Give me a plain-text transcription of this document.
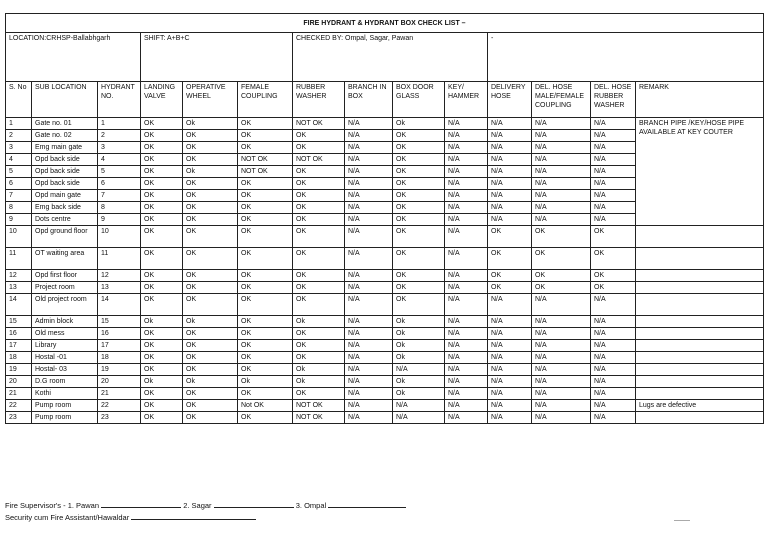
FIRE HYDRANT & HYDRANT BOX CHECK LIST –													
LOCATION:CRHSP-Ballabhgarh			SHIFT: A+B+C			CHECKED BY: Ompal, Sagar, Pawan				-			
S. No	SUB LOCATION	HYDRANT NO.	LANDING VALVE	OPERATIVE WHEEL	FEMALE COUPLING	RUBBER WASHER	BRANCH IN BOX	BOX DOOR GLASS	KEY/ HAMMER	DELIVERY HOSE	DEL. HOSE MALE/FEMALE COUPLING	DEL. HOSE RUBBER WASHER	REMARK
1	Gate no. 01	1	OK	Ok	OK	NOT OK	N/A	Ok	N/A	N/A	N/A	N/A	BRANCH PIPE /KEY/HOSE PIPE AVAILABLE AT KEY COUTER
2	Gate no. 02	2	OK	OK	OK	OK	N/A	OK	N/A	N/A	N/A	N/A	
3	Emg main gate	3	OK	OK	OK	OK	N/A	OK	N/A	N/A	N/A	N/A	
4	Opd back side	4	OK	OK	NOT OK	NOT OK	N/A	OK	N/A	N/A	N/A	N/A	
5	Opd back side	5	OK	Ok	NOT OK	OK	N/A	OK	N/A	N/A	N/A	N/A	
6	Opd back side	6	OK	OK	OK	OK	N/A	OK	N/A	N/A	N/A	N/A	
7	Opd main gate	7	OK	OK	OK	OK	N/A	OK	N/A	N/A	N/A	N/A	
8	Emg back side	8	OK	OK	OK	OK	N/A	OK	N/A	N/A	N/A	N/A	
9	Dots centre	9	OK	OK	OK	OK	N/A	OK	N/A	N/A	N/A	N/A	
10	Opd ground floor	10	OK	OK	OK	OK	N/A	OK	N/A	OK	OK	OK	
11	OT waiting area	11	OK	OK	OK	OK	N/A	OK	N/A	OK	OK	OK	
12	Opd first floor	12	OK	OK	OK	OK	N/A	OK	N/A	OK	OK	OK	
13	Project room	13	OK	OK	OK	OK	N/A	OK	N/A	OK	OK	OK	
14	Old project room	14	OK	OK	OK	OK	N/A	OK	N/A	N/A	N/A	N/A	
15	Admin block	15	Ok	Ok	OK	Ok	N/A	Ok	N/A	N/A	N/A	N/A	
16	Old mess	16	OK	OK	OK	OK	N/A	Ok	N/A	N/A	N/A	N/A	
17	Library	17	OK	OK	OK	OK	N/A	Ok	N/A	N/A	N/A	N/A	
18	Hostal -01	18	OK	OK	OK	OK	N/A	Ok	N/A	N/A	N/A	N/A	
19	Hostal- 03	19	OK	OK	OK	Ok	N/A	N/A	N/A	N/A	N/A	N/A	
20	D.G room	20	Ok	Ok	Ok	Ok	N/A	Ok	N/A	N/A	N/A	N/A	
21	Kothi	21	OK	OK	OK	OK	N/A	Ok	N/A	N/A	N/A	N/A	
22	Pump room	22	OK	OK	Not OK	NOT OK	N/A	N/A	N/A	N/A	N/A	N/A	Lugs are defective
23	Pump room	23	OK	OK	OK	NOT OK	N/A	N/A	N/A	N/A	N/A	N/A	
Fire Supervisor's - 1. Pawan	2. Sagar	3. Ompal
Security cum Fire Assistant/Hawaldar
